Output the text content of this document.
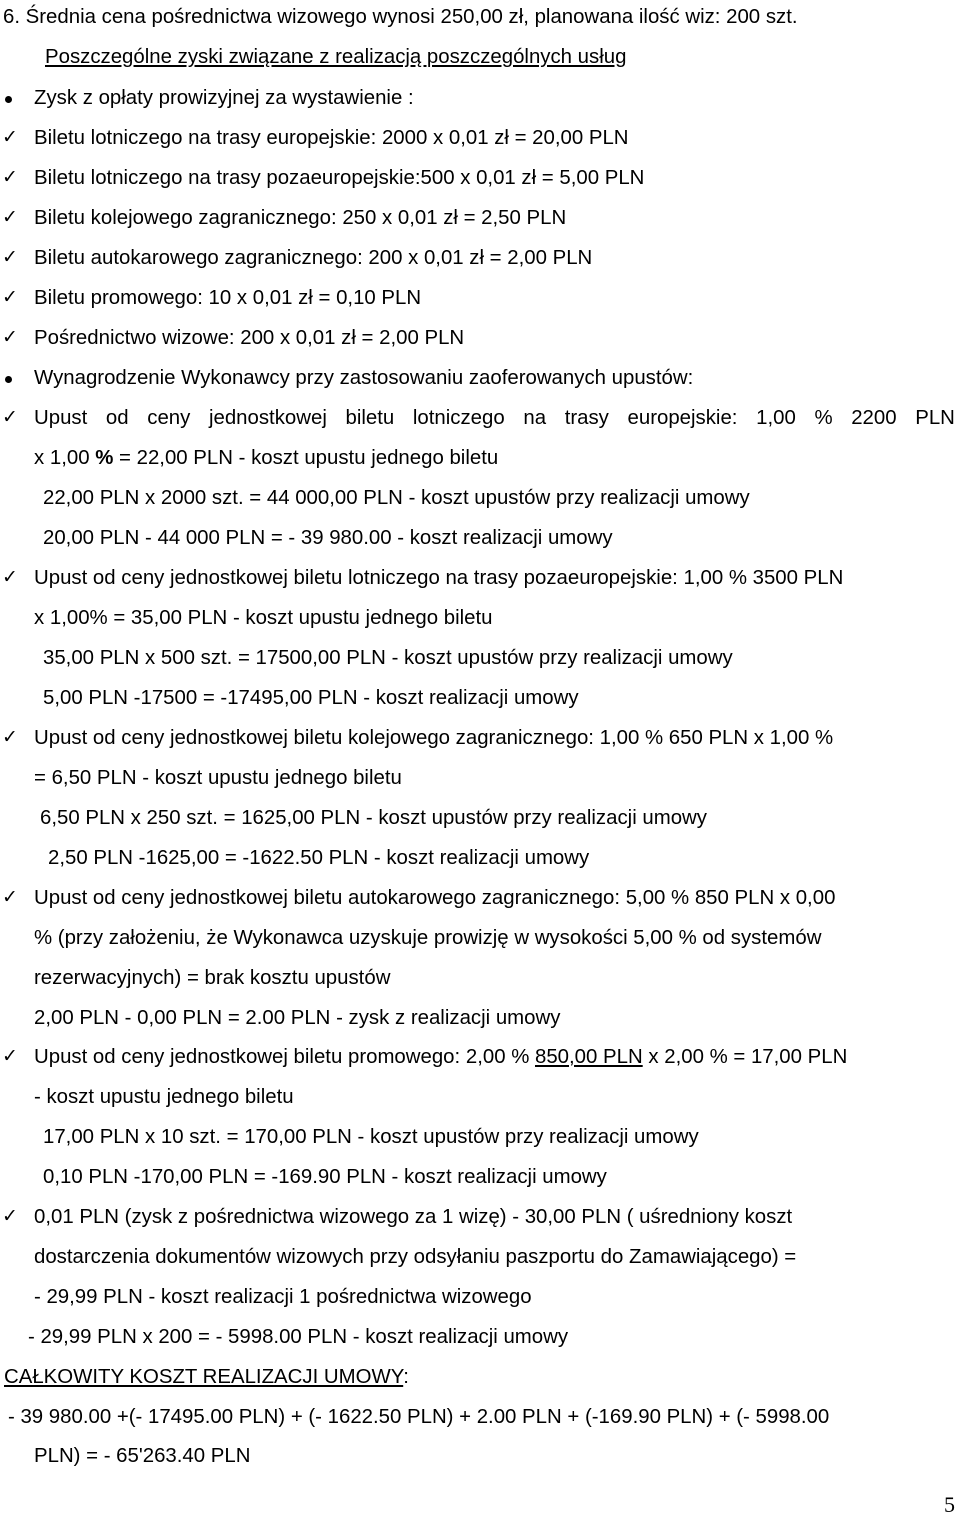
6. Średnia cena pośrednictwa wizowego wynosi 250,00 zł, planowana ilość wiz: 200 szt.
Poszczególne zyski związane z realizacją poszczególnych usług
Zysk z opłaty prowizyjnej za wystawienie :
✓ Biletu lotniczego na trasy europejskie: 2000 x 0,01 zł = 20,00 PLN
✓ Biletu lotniczego na trasy pozaeuropejskie:500 x 0,01 zł = 5,00 PLN
✓ Biletu kolejowego zagranicznego: 250 x 0,01 zł = 2,50 PLN
✓ Biletu autokarowego zagranicznego: 200 x 0,01 zł = 2,00 PLN
✓ Biletu promowego: 10 x 0,01 zł = 0,10 PLN
✓ Pośrednictwo wizowe: 200 x 0,01 zł = 2,00 PLN
Wynagrodzenie Wykonawcy przy zastosowaniu zaoferowanych upustów:
✓ Upust od ceny jednostkowej biletu lotniczego na trasy europejskie: 1,00 % 2200 PLN
x 1,00 % = 22,00 PLN - koszt upustu jednego biletu
22,00 PLN x 2000 szt. = 44 000,00 PLN - koszt upustów przy realizacji umowy
20,00 PLN - 44 000 PLN = - 39 980.00 - koszt realizacji umowy
✓ Upust od ceny jednostkowej biletu lotniczego na trasy pozaeuropejskie: 1,00 % 3500 PLN
x 1,00% = 35,00 PLN - koszt upustu jednego biletu
35,00 PLN x 500 szt. = 17500,00 PLN - koszt upustów przy realizacji umowy
5,00 PLN -17500 = -17495,00 PLN - koszt realizacji umowy
✓ Upust od ceny jednostkowej biletu kolejowego zagranicznego: 1,00 % 650 PLN x 1,00 %
= 6,50 PLN - koszt upustu jednego biletu
6,50 PLN x 250 szt. = 1625,00 PLN - koszt upustów przy realizacji umowy
2,50 PLN -1625,00 = -1622.50 PLN - koszt realizacji umowy
✓ Upust od ceny jednostkowej biletu autokarowego zagranicznego: 5,00 % 850 PLN x 0,00
% (przy założeniu, że Wykonawca uzyskuje prowizję w wysokości 5,00 % od systemów
rezerwacyjnych) = brak kosztu upustów
2,00 PLN - 0,00 PLN = 2.00 PLN - zysk z realizacji umowy
✓ Upust od ceny jednostkowej biletu promowego: 2,00 % 850,00 PLN x 2,00 % = 17,00 PLN
- koszt upustu jednego biletu
17,00 PLN x 10 szt. = 170,00 PLN - koszt upustów przy realizacji umowy
0,10 PLN -170,00 PLN = -169.90 PLN - koszt realizacji umowy
✓ 0,01 PLN (zysk z pośrednictwa wizowego za 1 wizę) - 30,00 PLN ( uśredniony koszt
dostarczenia dokumentów wizowych przy odsyłaniu paszportu do Zamawiającego) =
- 29,99 PLN - koszt realizacji 1 pośrednictwa wizowego
- 29,99 PLN x 200 = - 5998.00 PLN - koszt realizacji umowy
CAŁKOWITY KOSZT REALIZACJI UMOWY:
- 39 980.00 +(- 17495.00 PLN) + (- 1622.50 PLN) + 2.00 PLN + (-169.90 PLN) + (- 5998.00
PLN) = - 65'263.40 PLN
5
